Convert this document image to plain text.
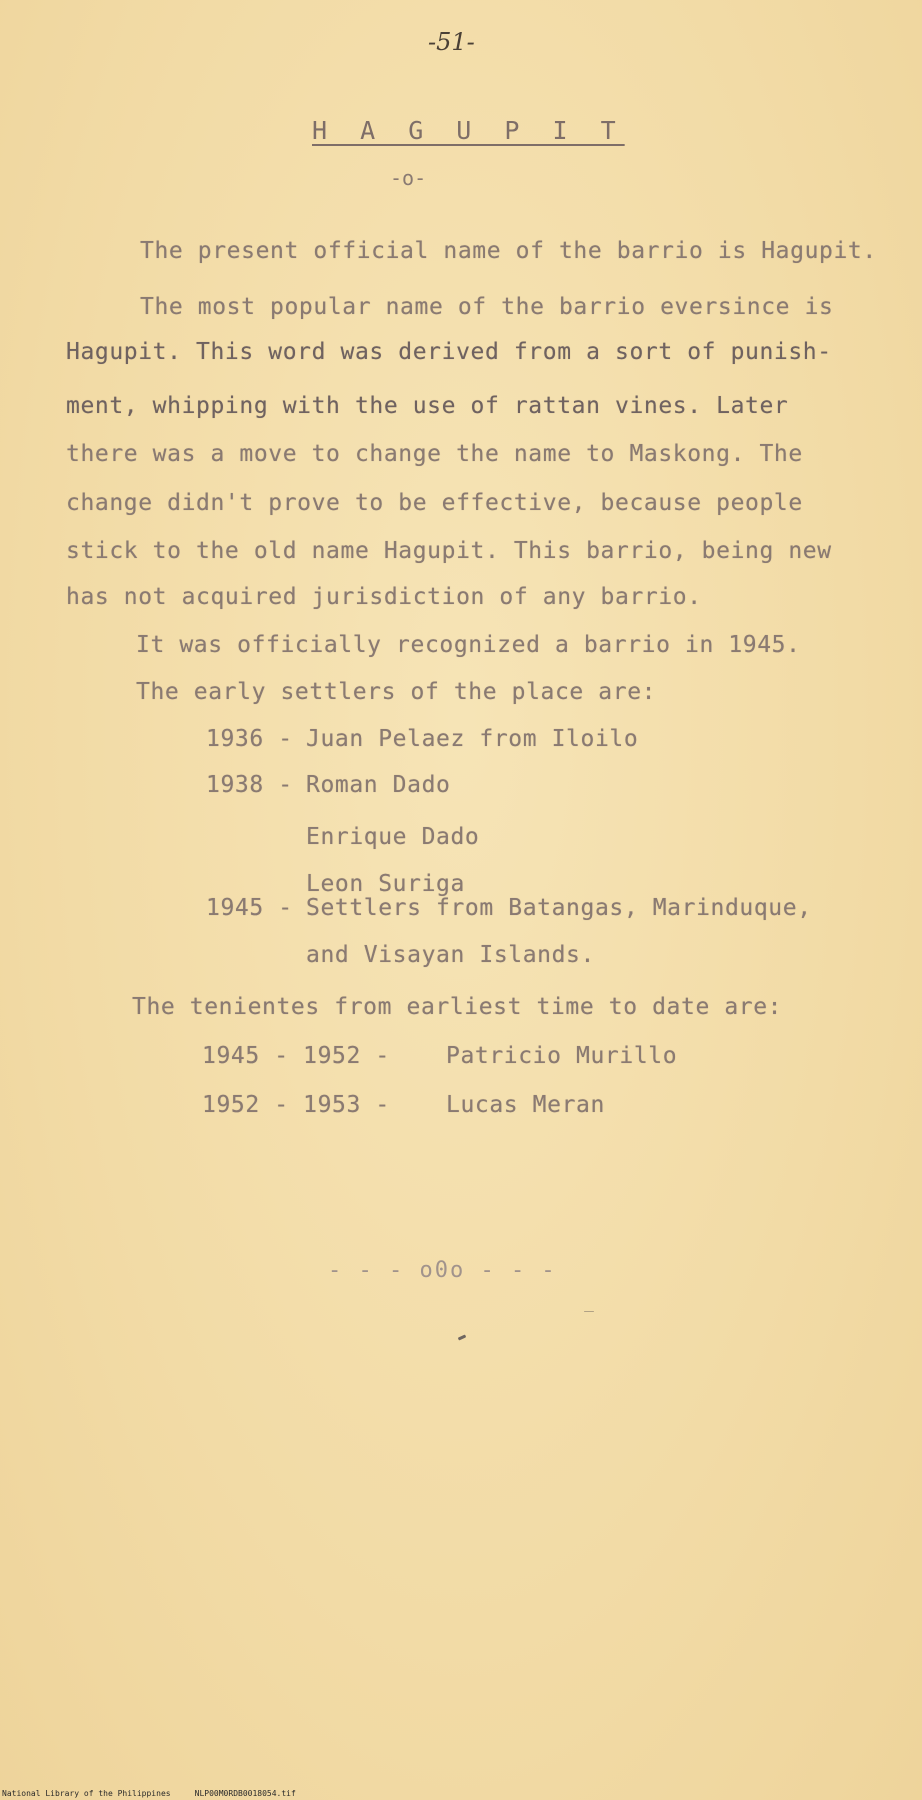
-51-
H A G U P I T
-o-
The present official name of the barrio is Hagupit.
The most popular name of the barrio eversince is
Hagupit. This word was derived from a sort of punish-
ment, whipping with the use of rattan vines. Later
there was a move to change the name to Maskong. The
change didn't prove to be effective, because people
stick to the old name Hagupit. This barrio, being new
has not acquired jurisdiction of any barrio.
It was officially recognized a barrio in 1945.
The early settlers of the place are:
1936 - Juan Pelaez from Iloilo
1938 - Roman Dado
Enrique Dado
Leon Suriga
1945 - Settlers from Batangas, Marinduque,
and Visayan Islands.
The tenientes from earliest time to date are:
1945 - 1952 - Patricio Murillo
1952 - 1953 - Lucas Meran
- - - o0o - - -
National Library of the Philippines     NLP00M0RDB0018054.tif
